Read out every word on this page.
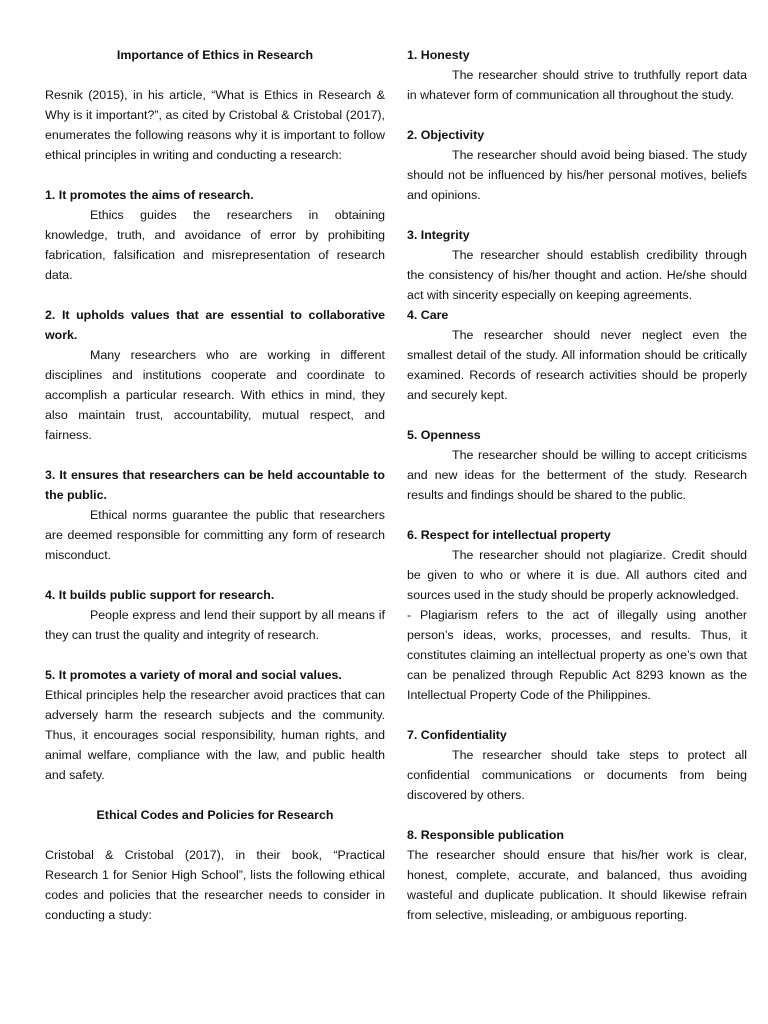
Importance of Ethics in Research

Resnik (2015), in his article, “What is Ethics in Research & Why is it important?”, as cited by Cristobal & Cristobal (2017), enumerates the following reasons why it is important to follow ethical principles in writing and conducting a research:

1. It promotes the aims of research.

Ethics guides the researchers in obtaining knowledge, truth, and avoidance of error by prohibiting fabrication, falsification and misrepresentation of research data.

2. It upholds values that are essential to collaborative work.

Many researchers who are working in different disciplines and institutions cooperate and coordinate to accomplish a particular research. With ethics in mind, they also maintain trust, accountability, mutual respect, and fairness.

3. It ensures that researchers can be held accountable to the public.

Ethical norms guarantee the public that researchers are deemed responsible for committing any form of research misconduct.

4. It builds public support for research.

People express and lend their support by all means if they can trust the quality and integrity of research.

5. It promotes a variety of moral and social values.

Ethical principles help the researcher avoid practices that can adversely harm the research subjects and the community. Thus, it encourages social responsibility, human rights, and animal welfare, compliance with the law, and public health and safety.

Ethical Codes and Policies for Research

Cristobal & Cristobal (2017), in their book, “Practical Research 1 for Senior High School”, lists the following ethical codes and policies that the researcher needs to consider in conducting a study:

1. Honesty

The researcher should strive to truthfully report data in whatever form of communication all throughout the study.

2. Objectivity

The researcher should avoid being biased. The study should not be influenced by his/her personal motives, beliefs and opinions.

3. Integrity

The researcher should establish credibility through the consistency of his/her thought and action. He/she should act with sincerity especially on keeping agreements.

4. Care

The researcher should never neglect even the smallest detail of the study. All information should be critically examined. Records of research activities should be properly and securely kept.

5. Openness

The researcher should be willing to accept criticisms and new ideas for the betterment of the study. Research results and findings should be shared to the public.

6. Respect for intellectual property

The researcher should not plagiarize. Credit should be given to who or where it is due. All authors cited and sources used in the study should be properly acknowledged.

- Plagiarism refers to the act of illegally using another person’s ideas, works, processes, and results. Thus, it constitutes claiming an intellectual property as one’s own that can be penalized through Republic Act 8293 known as the Intellectual Property Code of the Philippines.

7. Confidentiality

The researcher should take steps to protect all confidential communications or documents from being discovered by others.

8. Responsible publication

The researcher should ensure that his/her work is clear, honest, complete, accurate, and balanced, thus avoiding wasteful and duplicate publication. It should likewise refrain from selective, misleading, or ambiguous reporting.
